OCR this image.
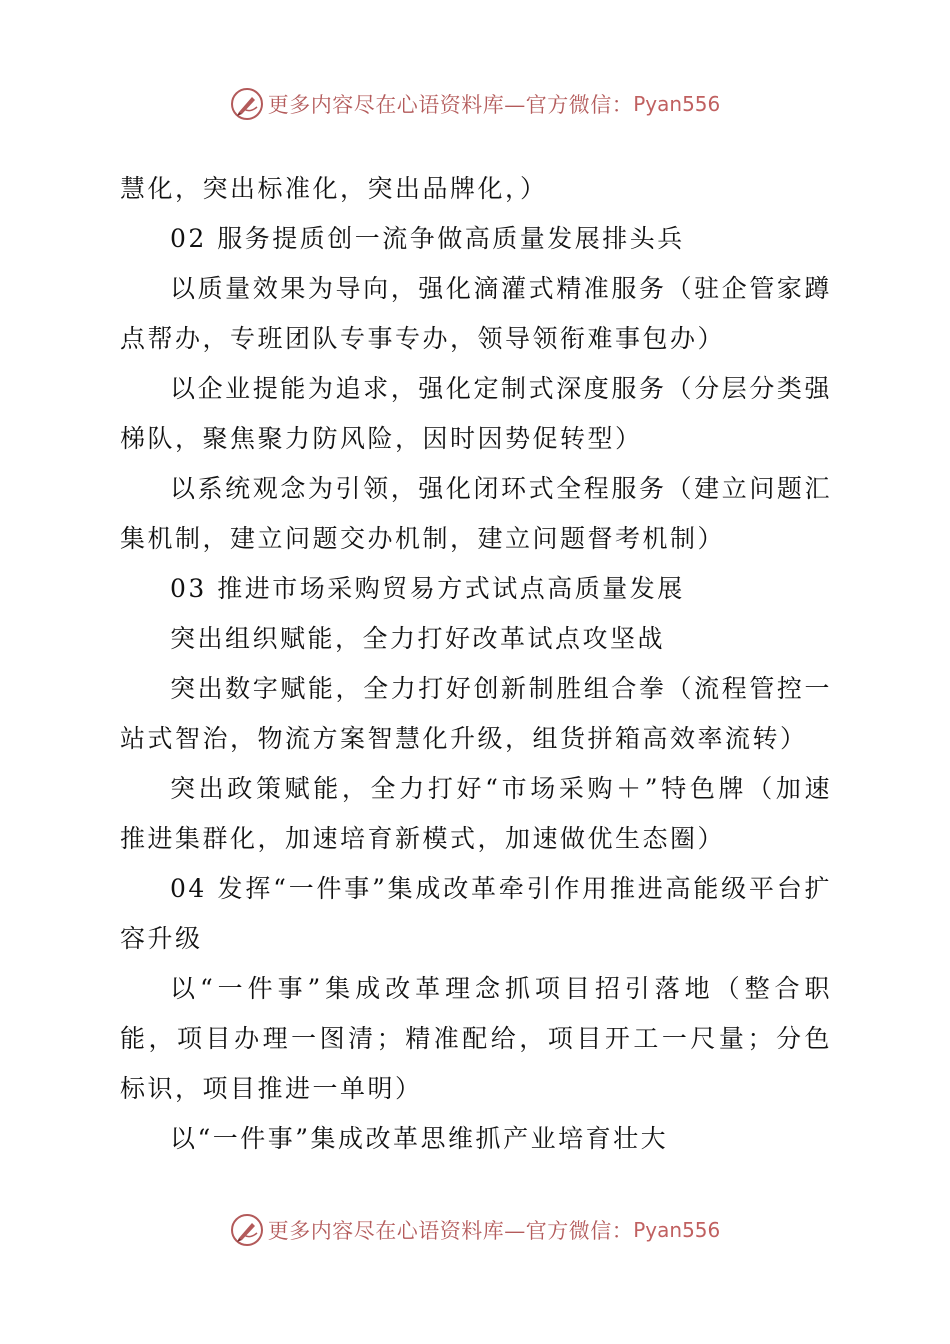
更多内容尽在心语资料库—官方微信： Pyan556

慧化，突出标准化，突出品牌化，）

02 服务提质创一流争做高质量发展排头兵

以质量效果为导向，强化滴灌式精准服务（驻企管家蹲点帮办，专班团队专事专办，领导领衔难事包办）

以企业提能为追求，强化定制式深度服务（分层分类强梯队，聚焦聚力防风险，因时因势促转型）

以系统观念为引领，强化闭环式全程服务（建立问题汇集机制，建立问题交办机制，建立问题督考机制）

03 推进市场采购贸易方式试点高质量发展

突出组织赋能，全力打好改革试点攻坚战

突出数字赋能，全力打好创新制胜组合拳（流程管控一站式智治，物流方案智慧化升级，组货拼箱高效率流转）

突出政策赋能，全力打好“市场采购＋”特色牌（加速推进集群化，加速培育新模式，加速做优生态圈）

04 发挥“一件事”集成改革牵引作用推进高能级平台扩容升级

以“一件事”集成改革理念抓项目招引落地（整合职能，项目办理一图清；精准配给，项目开工一尺量；分色标识，项目推进一单明）

以“一件事”集成改革思维抓产业培育壮大

更多内容尽在心语资料库—官方微信： Pyan556
